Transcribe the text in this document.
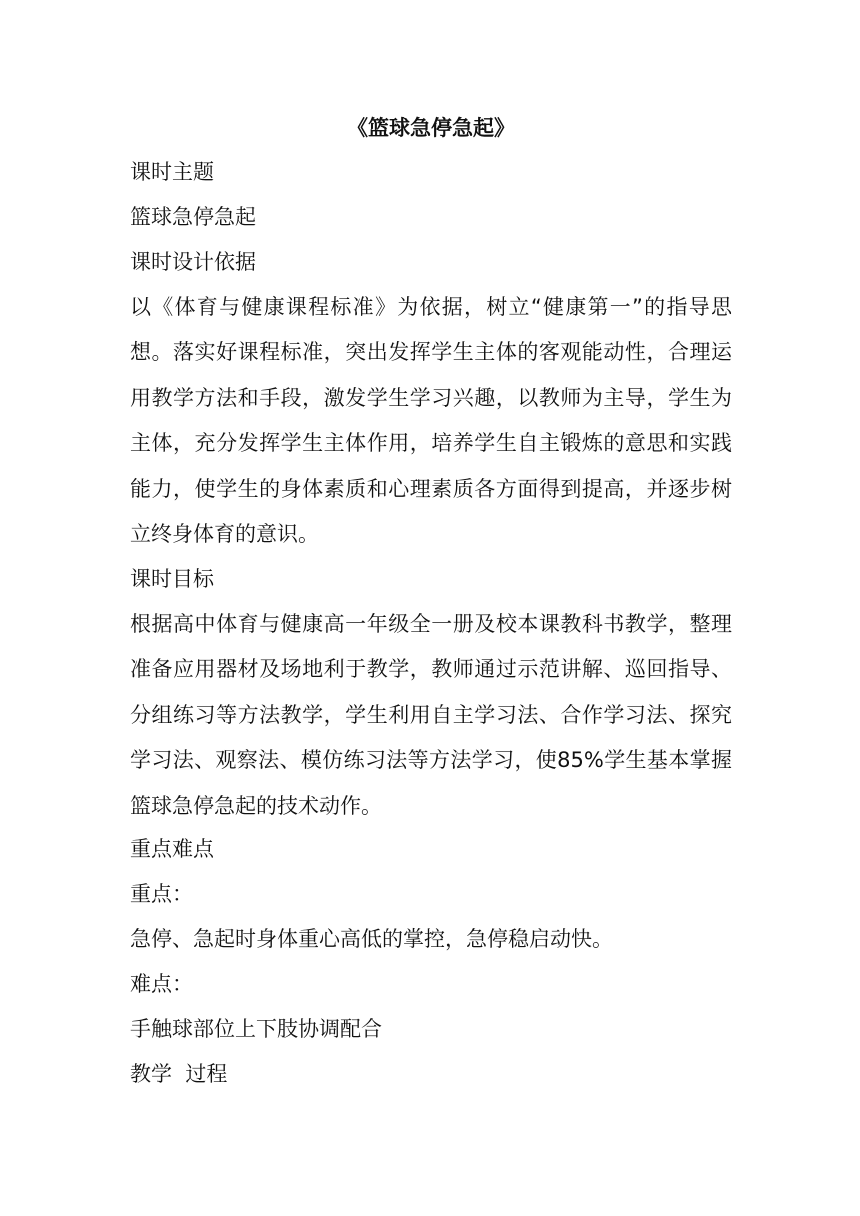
《篮球急停急起》

课时主题

篮球急停急起

课时设计依据

以《体育与健康课程标准》为依据，树立“健康第一”的指导思想。落实好课程标准，突出发挥学生主体的客观能动性，合理运用教学方法和手段，激发学生学习兴趣，以教师为主导，学生为主体，充分发挥学生主体作用，培养学生自主锻炼的意思和实践能力，使学生的身体素质和心理素质各方面得到提高，并逐步树立终身体育的意识。

课时目标

根据高中体育与健康高一年级全一册及校本课教科书教学，整理准备应用器材及场地利于教学，教师通过示范讲解、巡回指导、分组练习等方法教学，学生利用自主学习法、合作学习法、探究学习法、观察法、模仿练习法等方法学习，使85%学生基本掌握篮球急停急起的技术动作。

重点难点

重点：

急停、急起时身体重心高低的掌控，急停稳启动快。

难点：

手触球部位上下肢协调配合

教学  过程
